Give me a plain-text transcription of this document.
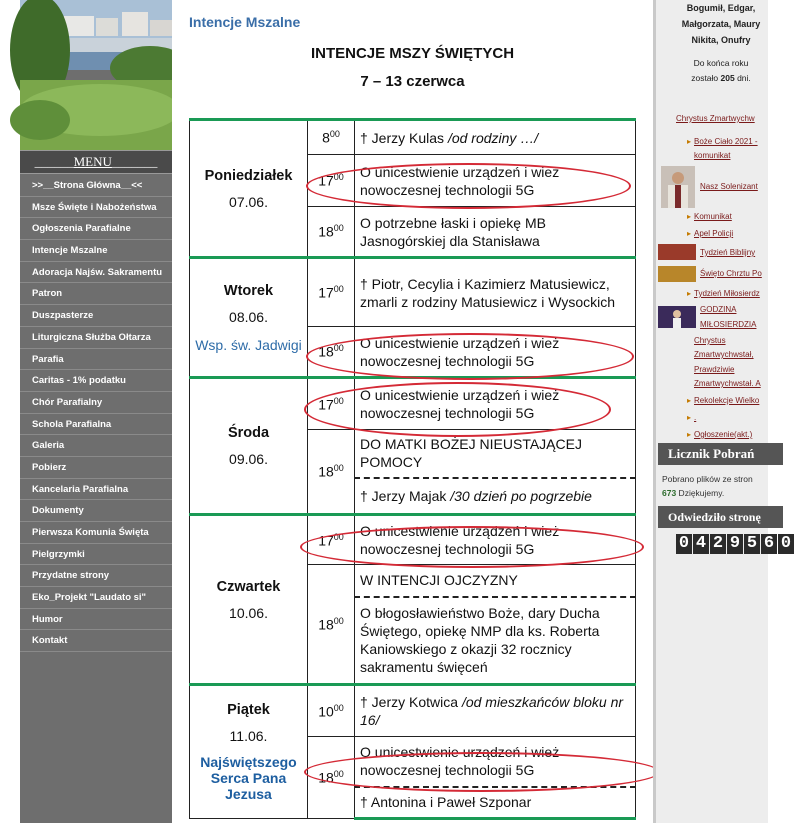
______MENU_______
>>__Strona Główna__<<
Msze Święte i Nabożeństwa
Ogłoszenia Parafialne
Intencje Mszalne
Adoracja Najśw. Sakramentu
Patron
Duszpasterze
Liturgiczna Służba Ołtarza
Parafia
Caritas - 1% podatku
Chór Parafialny
Schola Parafialna
Galeria
Pobierz
Kancelaria Parafialna
Dokumenty
Pierwsza Komunia Święta
Pielgrzymki
Przydatne strony
Eko_Projekt "Laudato si"
Humor
Kontakt
Intencje Mszalne
INTENCJE MSZY ŚWIĘTYCH
7 – 13 czerwca
Poniedziałek
07.06.	$8^{00}$	† Jerzy Kulas /od rodziny …/
	$17^{00}$	O unicestwienie urządzeń i wież nowoczesnej technologii 5G
	$18^{00}$	O potrzebne łaski i opiekę MB Jasnogórskiej dla Stanisława

Wtorek
08.06.
Wsp. św. Jadwigi	$17^{00}$	† Piotr, Cecylia i Kazimierz Matusiewicz, zmarli z rodziny Matusiewicz i Wysockich
	$18^{00}$	O unicestwienie urządzeń i wież nowoczesnej technologii 5G

Środa
09.06.	$17^{00}$	O unicestwienie urządzeń i wież nowoczesnej technologii 5G
	$18^{00}$	DO MATKI BOŻEJ NIEUSTAJĄCEJ POMOCY
		† Jerzy Majak /30 dzień po pogrzebie

Czwartek
10.06.	$17^{00}$	O unicestwienie urządzeń i wież nowoczesnej technologii 5G
	$18^{00}$	W INTENCJI OJCZYZNY
		O błogosławieństwo Boże, dary Ducha Świętego, opiekę NMP dla ks. Roberta Kaniowskiego z okazji 32 rocznicy sakramentu święceń

Piątek
11.06.
Najświętszego Serca Pana Jezusa	$10^{00}$	† Jerzy Kotwica /od mieszkańców bloku nr 16/
	$18^{00}$	O unicestwienie urządzeń i wież nowoczesnej technologii 5G
		† Antonina i Paweł Szponar
Bogumił, Edgar,
Małgorzata, Maury
Nikita, Onufry
Do końca roku
zostało 205 dni.
Chrystus Zmartwychw
▸ Boże Ciało 2021 -
komunikat
Nasz Solenizant
▸ Komunikat
▸ Apel Policji
Tydzień Biblijny
Święto Chrztu Po
▸ Tydzień Miłosierdz
GODZINA
MIŁOSIERDZIA
Chrystus
Zmartwychwstał,
Prawdziwie
Zmartwychwstał. A
▸ Rekolekcje Wielko
▸ .
▸ Ogłoszenie(akt.)
Licznik Pobrań
Pobrano plików ze stron
673 Dziękujemy.
Odwiedziło stronę
0 4 2 9 5 6 0
